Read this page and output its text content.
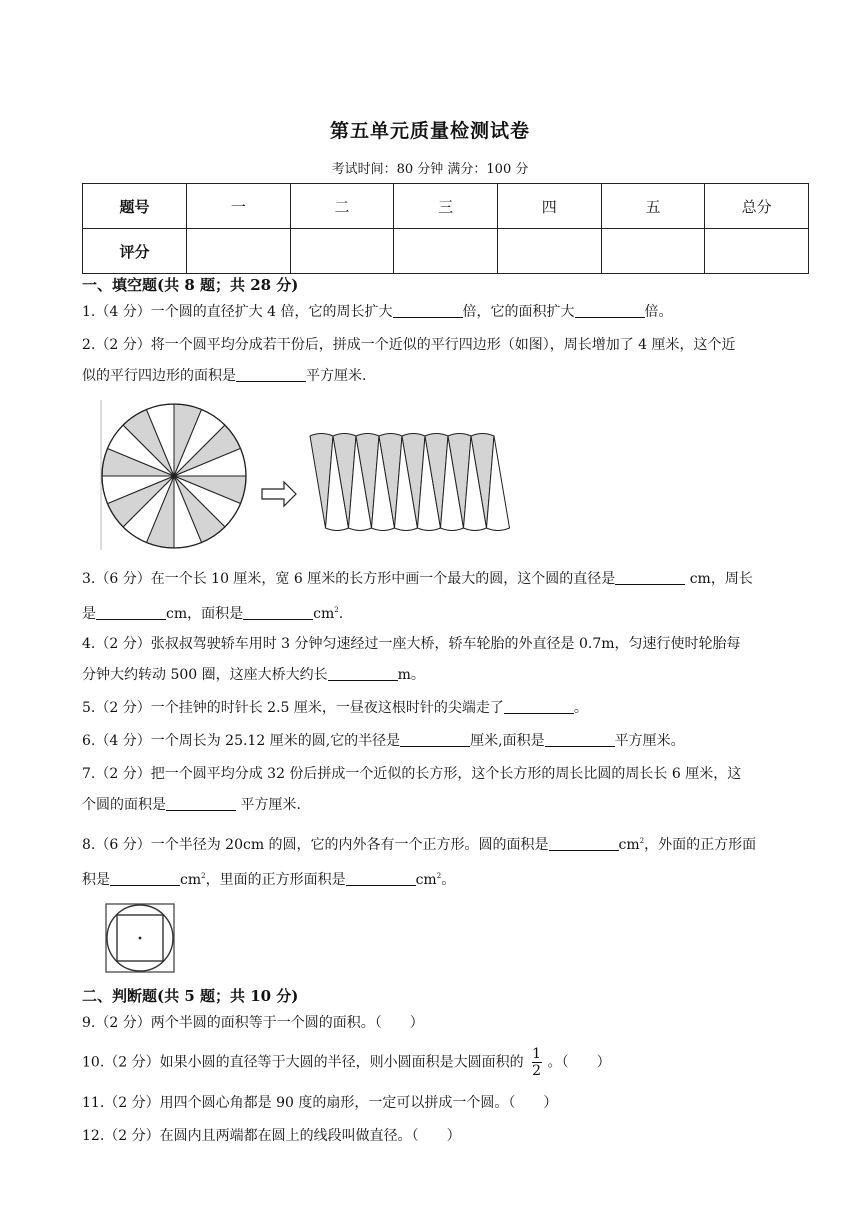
第五单元质量检测试卷
考试时间：80 分钟 满分：100 分
题号	一	二	三	四	五	总分
评分						
一、填空题(共 8 题；共 28 分)
1.（4 分）一个圆的直径扩大 4 倍，它的周长扩大	倍，它的面积扩大	倍。
2.（2 分）将一个圆平均分成若干份后，拼成一个近似的平行四边形（如图），周长增加了 4 厘米，这个近
似的平行四边形的面积是	平方厘米.
3.（6 分）在一个长 10 厘米，宽 6 厘米的长方形中画一个最大的圆，这个圆的直径是	cm，周长
是	cm，面积是	$cm^2$.
4.（2 分）张叔叔驾驶轿车用时 3 分钟匀速经过一座大桥，轿车轮胎的外直径是 0.7m，匀速行使时轮胎每
分钟大约转动 500 圈，这座大桥大约长	m。
5.（2 分）一个挂钟的时针长 2.5 厘米，一昼夜这根时针的尖端走了	。
6.（4 分）一个周长为 25.12 厘米的圆,它的半径是	厘米,面积是	平方厘米。
7.（2 分）把一个圆平均分成 32 份后拼成一个近似的长方形，这个长方形的周长比圆的周长长 6 厘米，这
个圆的面积是	平方厘米.
8.（6 分）一个半径为 20cm 的圆，它的内外各有一个正方形。圆的面积是	$cm^2$，外面的正方形面
积是	$cm^2$，里面的正方形面积是	$cm^2$。
二、判断题(共 5 题；共 10 分)
9.（2 分）两个半圆的面积等于一个圆的面积。（　　）
10.（2 分）如果小圆的直径等于大圆的半径，则小圆面积是大圆面积的 $\frac{1}{2}$ 。（　　）
11.（2 分）用四个圆心角都是 90 度的扇形，一定可以拼成一个圆。（　　）
12.（2 分）在圆内且两端都在圆上的线段叫做直径。（　　）
